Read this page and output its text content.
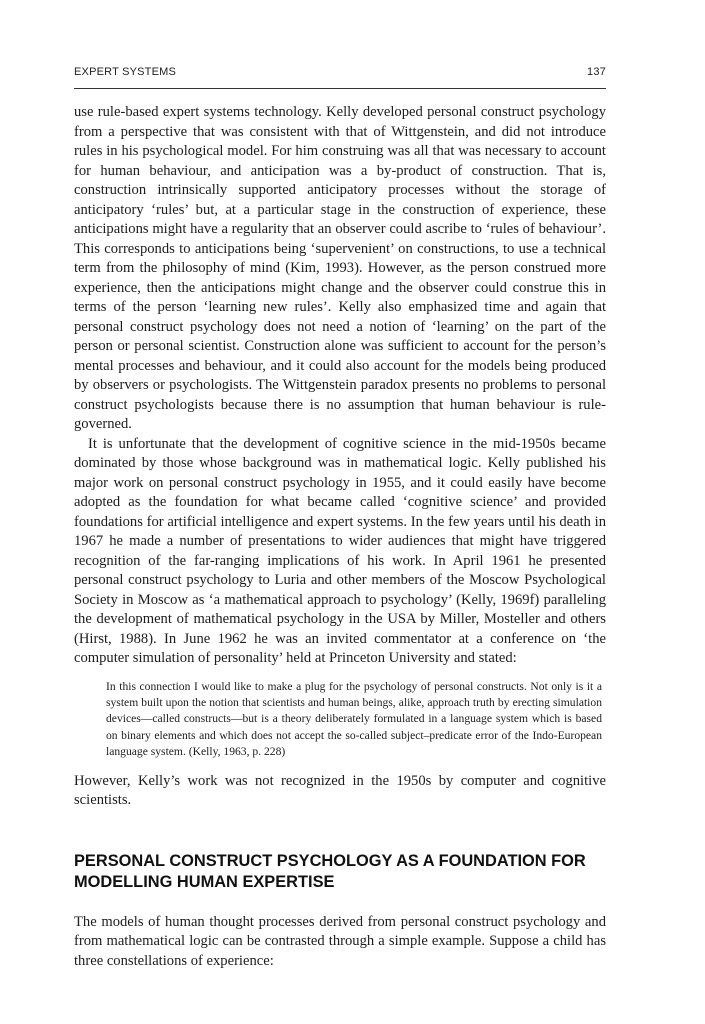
EXPERT SYSTEMS	137

use rule-based expert systems technology. Kelly developed personal construct psychology from a perspective that was consistent with that of Wittgenstein, and did not introduce rules in his psychological model. For him construing was all that was necessary to account for human behaviour, and anticipation was a by-product of construction. That is, construction intrinsically supported anticipatory processes without the storage of anticipatory ‘rules’ but, at a particular stage in the construction of experience, these anticipations might have a regularity that an observer could ascribe to ‘rules of behaviour’. This corresponds to anticipations being ‘supervenient’ on constructions, to use a technical term from the philosophy of mind (Kim, 1993). However, as the person construed more experience, then the anticipations might change and the observer could construe this in terms of the person ‘learning new rules’. Kelly also emphasized time and again that personal construct psychology does not need a notion of ‘learning’ on the part of the person or personal scientist. Construction alone was sufficient to account for the person’s mental processes and behaviour, and it could also account for the models being produced by observers or psychologists. The Wittgenstein paradox presents no problems to personal construct psychologists because there is no assumption that human behaviour is rule-governed.

It is unfortunate that the development of cognitive science in the mid-1950s became dominated by those whose background was in mathematical logic. Kelly published his major work on personal construct psychology in 1955, and it could easily have become adopted as the foundation for what became called ‘cognitive science’ and provided foundations for artificial intelligence and expert systems. In the few years until his death in 1967 he made a number of presentations to wider audiences that might have triggered recognition of the far-ranging implications of his work. In April 1961 he presented personal construct psychology to Luria and other members of the Moscow Psychological Society in Moscow as ‘a mathematical approach to psychology’ (Kelly, 1969f) paralleling the development of mathematical psychology in the USA by Miller, Mosteller and others (Hirst, 1988). In June 1962 he was an invited commentator at a conference on ‘the computer simulation of personality’ held at Princeton University and stated:

In this connection I would like to make a plug for the psychology of personal constructs. Not only is it a system built upon the notion that scientists and human beings, alike, approach truth by erecting simulation devices—called constructs—but is a theory deliberately formulated in a language system which is based on binary elements and which does not accept the so-called subject–predicate error of the Indo-European language system. (Kelly, 1963, p. 228)

However, Kelly’s work was not recognized in the 1950s by computer and cognitive scientists.

PERSONAL CONSTRUCT PSYCHOLOGY AS A FOUNDATION FOR MODELLING HUMAN EXPERTISE

The models of human thought processes derived from personal construct psychology and from mathematical logic can be contrasted through a simple example. Suppose a child has three constellations of experience:
